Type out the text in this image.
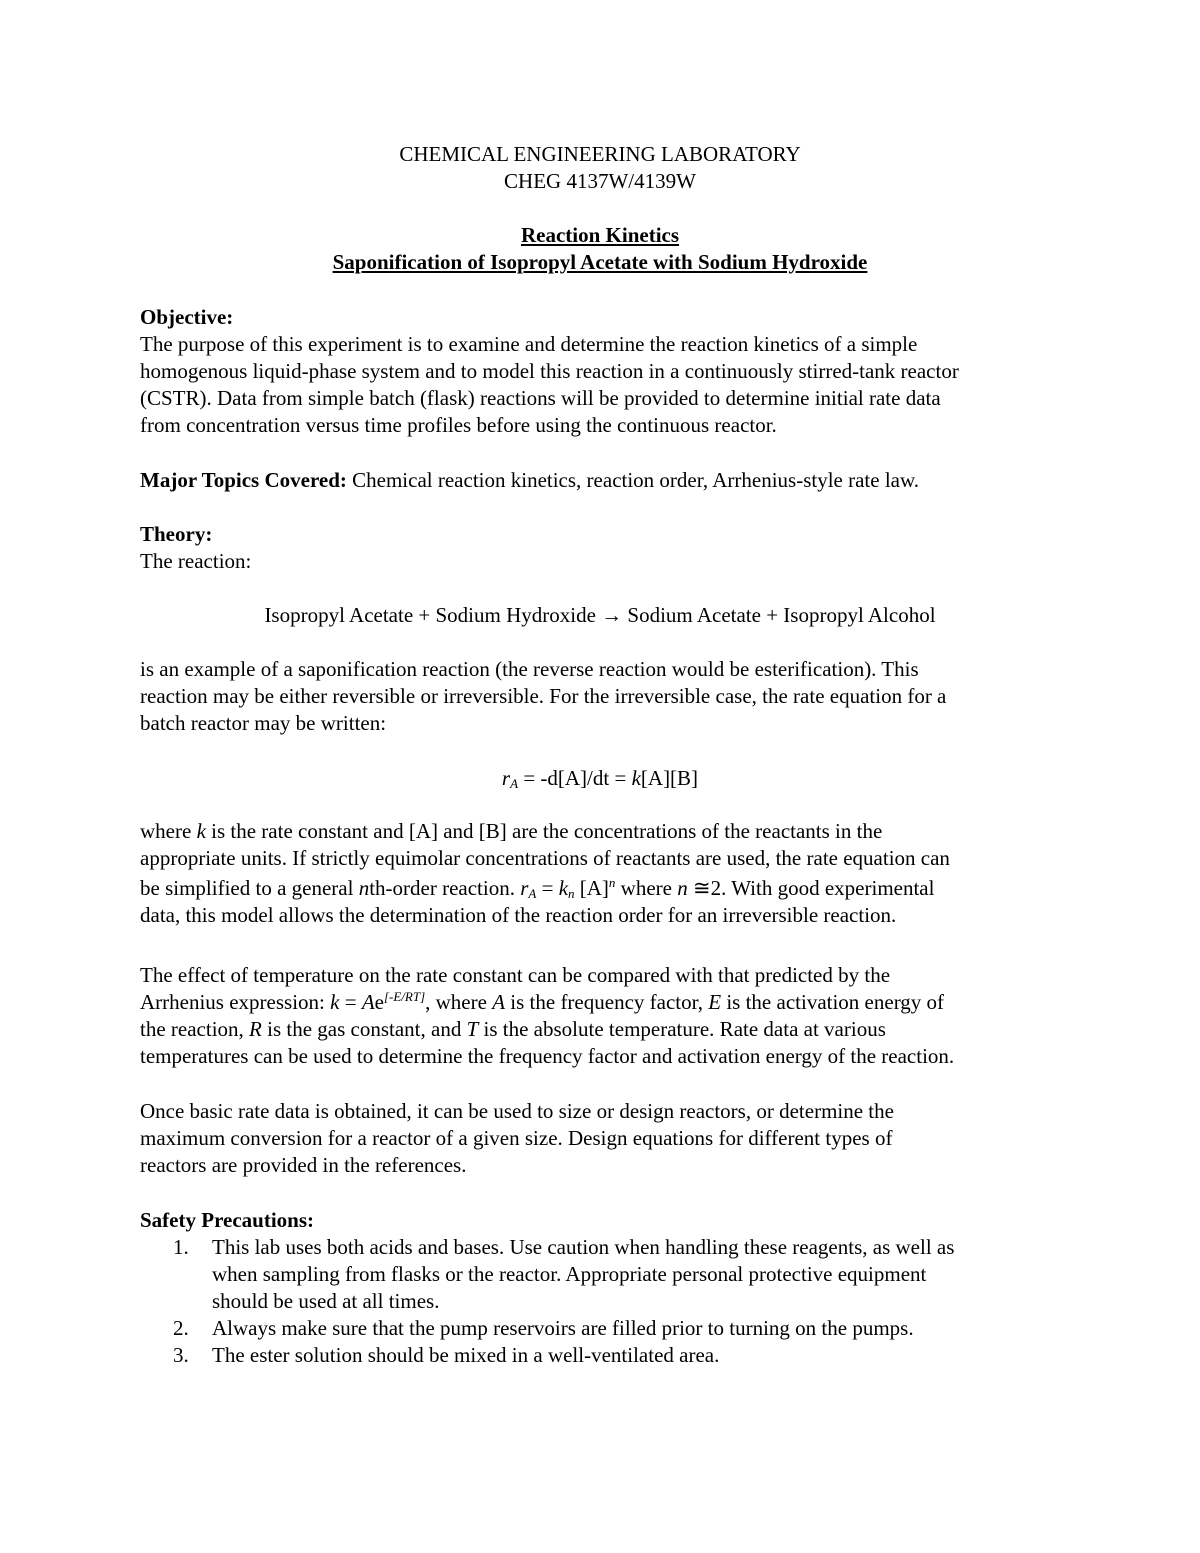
CHEMICAL ENGINEERING LABORATORY

CHEG 4137W/4139W

Reaction Kinetics

Saponification of Isopropyl Acetate with Sodium Hydroxide

Objective:

The purpose of this experiment is to examine and determine the reaction kinetics of a simple

homogenous liquid-phase system and to model this reaction in a continuously stirred-tank reactor

(CSTR). Data from simple batch (flask) reactions will be provided to determine initial rate data

from concentration versus time profiles before using the continuous reactor.

Major Topics Covered: Chemical reaction kinetics, reaction order, Arrhenius-style rate law.

Theory:

The reaction:

Isopropyl Acetate + Sodium Hydroxide → Sodium Acetate + Isopropyl Alcohol

is an example of a saponification reaction (the reverse reaction would be esterification). This

reaction may be either reversible or irreversible. For the irreversible case, the rate equation for a

batch reactor may be written:

$r_A = -d[A]/dt = k[A][B]$

where k is the rate constant and [A] and [B] are the concentrations of the reactants in the

appropriate units. If strictly equimolar concentrations of reactants are used, the rate equation can

be simplified to a general nth-order reaction. $r_A = k_n$ $[A]^n$ where n ≅2. With good experimental

data, this model allows the determination of the reaction order for an irreversible reaction.

The effect of temperature on the rate constant can be compared with that predicted by the

Arrhenius expression: k = Ae[-E/RT], where A is the frequency factor, E is the activation energy of

the reaction, R is the gas constant, and T is the absolute temperature. Rate data at various

temperatures can be used to determine the frequency factor and activation energy of the reaction.

Once basic rate data is obtained, it can be used to size or design reactors, or determine the

maximum conversion for a reactor of a given size. Design equations for different types of

reactors are provided in the references.

Safety Precautions:

1. This lab uses both acids and bases. Use caution when handling these reagents, as well as

when sampling from flasks or the reactor. Appropriate personal protective equipment

should be used at all times.

2. Always make sure that the pump reservoirs are filled prior to turning on the pumps.

3. The ester solution should be mixed in a well-ventilated area.
